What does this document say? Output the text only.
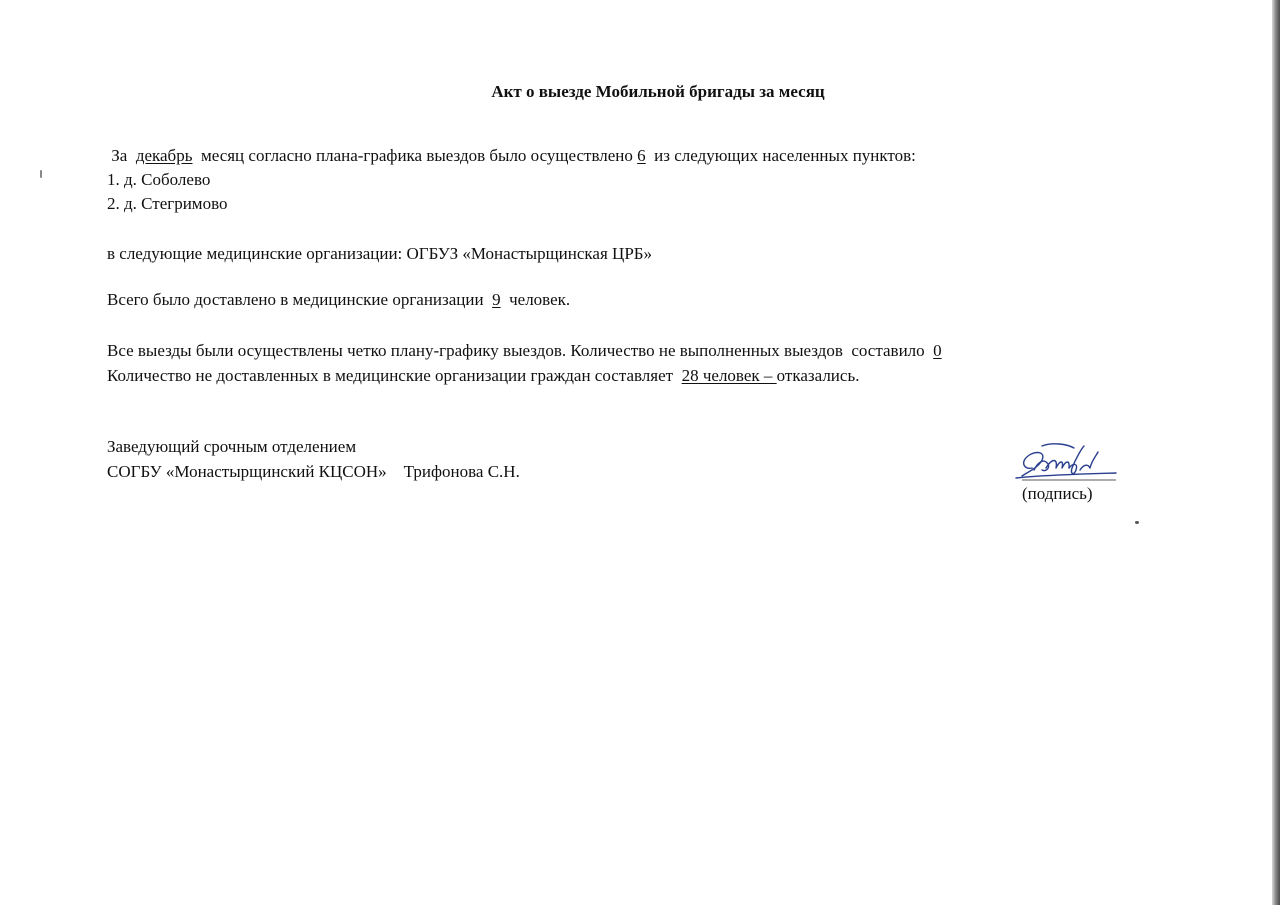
Акт о выезде Мобильной бригады за месяц
За  декабрь  месяц согласно плана-графика выездов было осуществлено 6  из следующих населенных пунктов:
1. д. Соболево
2. д. Стегримово
в следующие медицинские организации: ОГБУЗ «Монастырщинская ЦРБ»
Всего было доставлено в медицинские организации  9  человек.
Все выезды были осуществлены четко плану-графику выездов. Количество не выполненных выездов  составило  0
Количество не доставленных в медицинские организации граждан составляет  28 человек – отказались.
Заведующий срочным отделением
СОГБУ «Монастырщинский КЦСОН» Трифонова С.Н.
(подпись)
